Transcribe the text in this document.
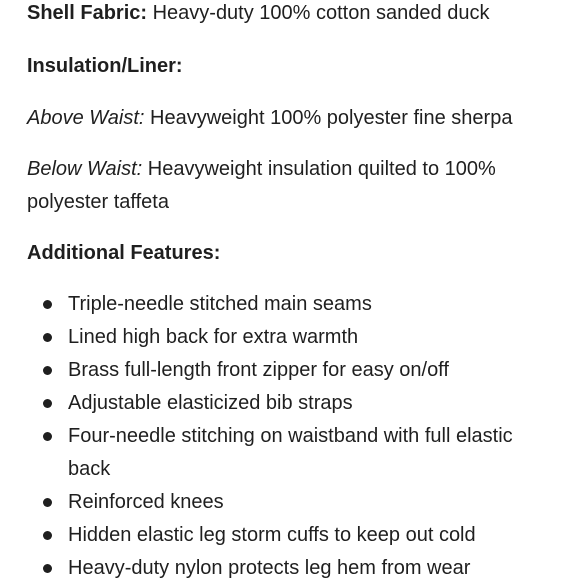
Shell Fabric: Heavy-duty 100% cotton sanded duck
Insulation/Liner:
Above Waist: Heavyweight 100% polyester fine sherpa
Below Waist: Heavyweight insulation quilted to 100% polyester taffeta
Additional Features:
Triple-needle stitched main seams
Lined high back for extra warmth
Brass full-length front zipper for easy on/off
Adjustable elasticized bib straps
Four-needle stitching on waistband with full elastic back
Reinforced knees
Hidden elastic leg storm cuffs to keep out cold
Heavy-duty nylon protects leg hem from wear
